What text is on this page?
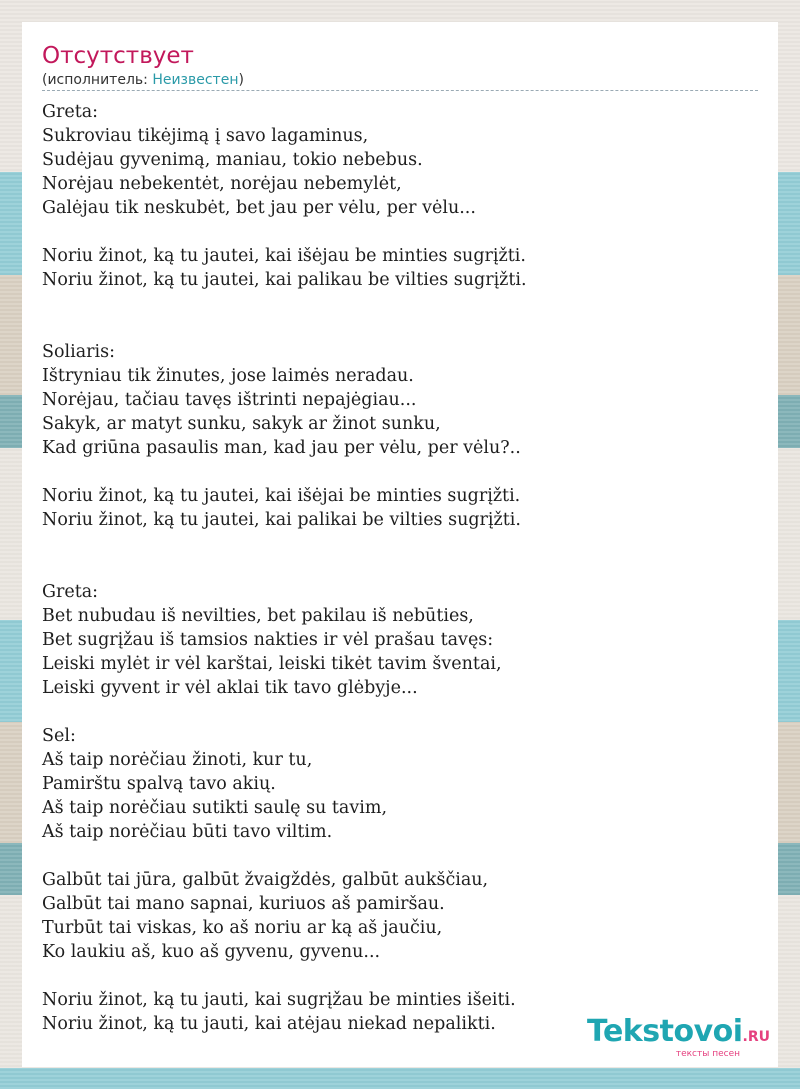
Отсутствует
(исполнитель: Неизвестен)
Greta:
Sukroviau tikėjimą į savo lagaminus,
Sudėjau gyvenimą, maniau, tokio nebebus.
Norėjau nebekentėt, norėjau nebemylėt,
Galėjau tik neskubėt, bet jau per vėlu, per vėlu...
Noriu žinot, ką tu jautei, kai išėjau be minties sugrįžti.
Noriu žinot, ką tu jautei, kai palikau be vilties sugrįžti.
Soliaris:
Ištryniau tik žinutes, jose laimės neradau.
Norėjau, tačiau tavęs ištrinti nepajėgiau...
Sakyk, ar matyt sunku, sakyk ar žinot sunku,
Kad griūna pasaulis man, kad jau per vėlu, per vėlu?..
Noriu žinot, ką tu jautei, kai išėjai be minties sugrįžti.
Noriu žinot, ką tu jautei, kai palikai be vilties sugrįžti.
Greta:
Bet nubudau iš nevilties, bet pakilau iš nebūties,
Bet sugrįžau iš tamsios nakties ir vėl prašau tavęs:
Leiski mylėt ir vėl karštai, leiski tikėt tavim šventai,
Leiski gyvent ir vėl aklai tik tavo glėbyje...
Sel:
Aš taip norėčiau žinoti, kur tu,
Pamirštu spalvą tavo akių.
Aš taip norėčiau sutikti saulę su tavim,
Aš taip norėčiau būti tavo viltim.
Galbūt tai jūra, galbūt žvaigždės, galbūt aukščiau,
Galbūt tai mano sapnai, kuriuos aš pamiršau.
Turbūt tai viskas, ko aš noriu ar ką aš jaučiu,
Ko laukiu aš, kuo aš gyvenu, gyvenu...
Noriu žinot, ką tu jauti, kai sugrįžau be minties išeiti.
Noriu žinot, ką tu jauti, kai atėjau niekad nepalikti.	Tekstovoi.RU
тексты песен
